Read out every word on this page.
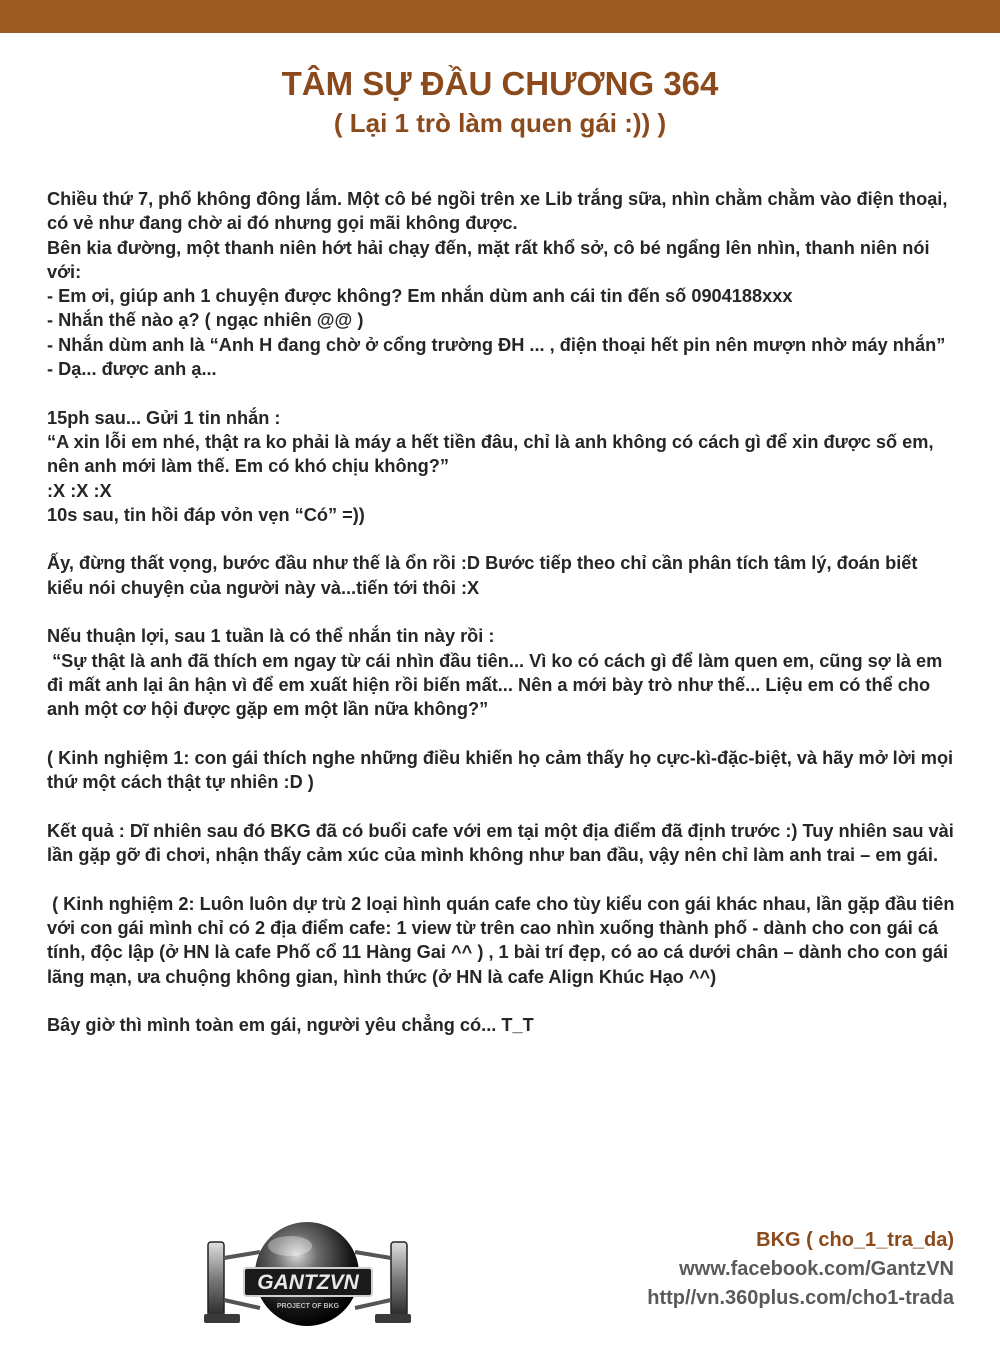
TÂM SỰ ĐẦU CHƯƠNG 364
( Lại 1 trò làm quen gái :)) )

Chiều thứ 7, phố không đông lắm. Một cô bé ngồi trên xe Lib trắng sữa, nhìn chằm chằm vào điện thoại, có vẻ như đang chờ ai đó nhưng gọi mãi không được.

Bên kia đường, một thanh niên hớt hải chạy đến, mặt rất khổ sở, cô bé ngẩng lên nhìn, thanh niên nói với:

- Em ơi, giúp anh 1 chuyện được không? Em nhắn dùm anh cái tin đến số 0904188xxx

- Nhắn thế nào ạ? ( ngạc nhiên @@ )

- Nhắn dùm anh là “Anh H đang chờ ở cổng trường ĐH ... , điện thoại hết pin nên mượn nhờ máy nhắn”

- Dạ... được anh ạ...

15ph sau... Gửi 1 tin nhắn :

“A xin lỗi em nhé, thật ra ko phải là máy a hết tiền đâu, chỉ là anh không có cách gì để xin được số em, nên anh mới làm thế. Em có khó chịu không?”

:X :X :X

10s sau, tin hồi đáp vỏn vẹn “Có” =))

Ấy, đừng thất vọng, bước đầu như thế là ổn rồi :D Bước tiếp theo chỉ cần phân tích tâm lý, đoán biết kiểu nói chuyện của người này và...tiến tới thôi :X

Nếu thuận lợi, sau 1 tuần là có thể nhắn tin này rồi :

“Sự thật là anh đã thích em ngay từ cái nhìn đầu tiên... Vì ko có cách gì để làm quen em, cũng sợ là em đi mất anh lại ân hận vì để em xuất hiện rồi biến mất... Nên a mới bày trò như thế... Liệu em có thể cho anh một cơ hội được gặp em một lần nữa không?”

( Kinh nghiệm 1: con gái thích nghe những điều khiến họ cảm thấy họ cực-kì-đặc-biệt, và hãy mở lời mọi thứ một cách thật tự nhiên :D )

Kết quả : Dĩ nhiên sau đó BKG đã có buổi cafe với em tại một địa điểm đã định trước :) Tuy nhiên sau vài lần gặp gỡ đi chơi, nhận thấy cảm xúc của mình không như ban đầu, vậy nên chỉ làm anh trai – em gái.

( Kinh nghiệm 2: Luôn luôn dự trù 2 loại hình quán cafe cho tùy kiểu con gái khác nhau, lần gặp đầu tiên với con gái mình chỉ có 2 địa điểm cafe: 1 view từ trên cao nhìn xuống thành phố - dành cho con gái cá tính, độc lập (ở HN là cafe Phố cổ 11 Hàng Gai ^^ ) , 1 bài trí đẹp, có ao cá dưới chân – dành cho con gái lãng mạn, ưa chuộng không gian, hình thức (ở HN là cafe Align Khúc Hạo ^^)

Bây giờ thì mình toàn em gái, người yêu chẳng có... T_T

GANTZVN
PROJECT OF BKG
BKG ( cho_1_tra_da)
www.facebook.com/GantzVN
http//vn.360plus.com/cho1-trada
